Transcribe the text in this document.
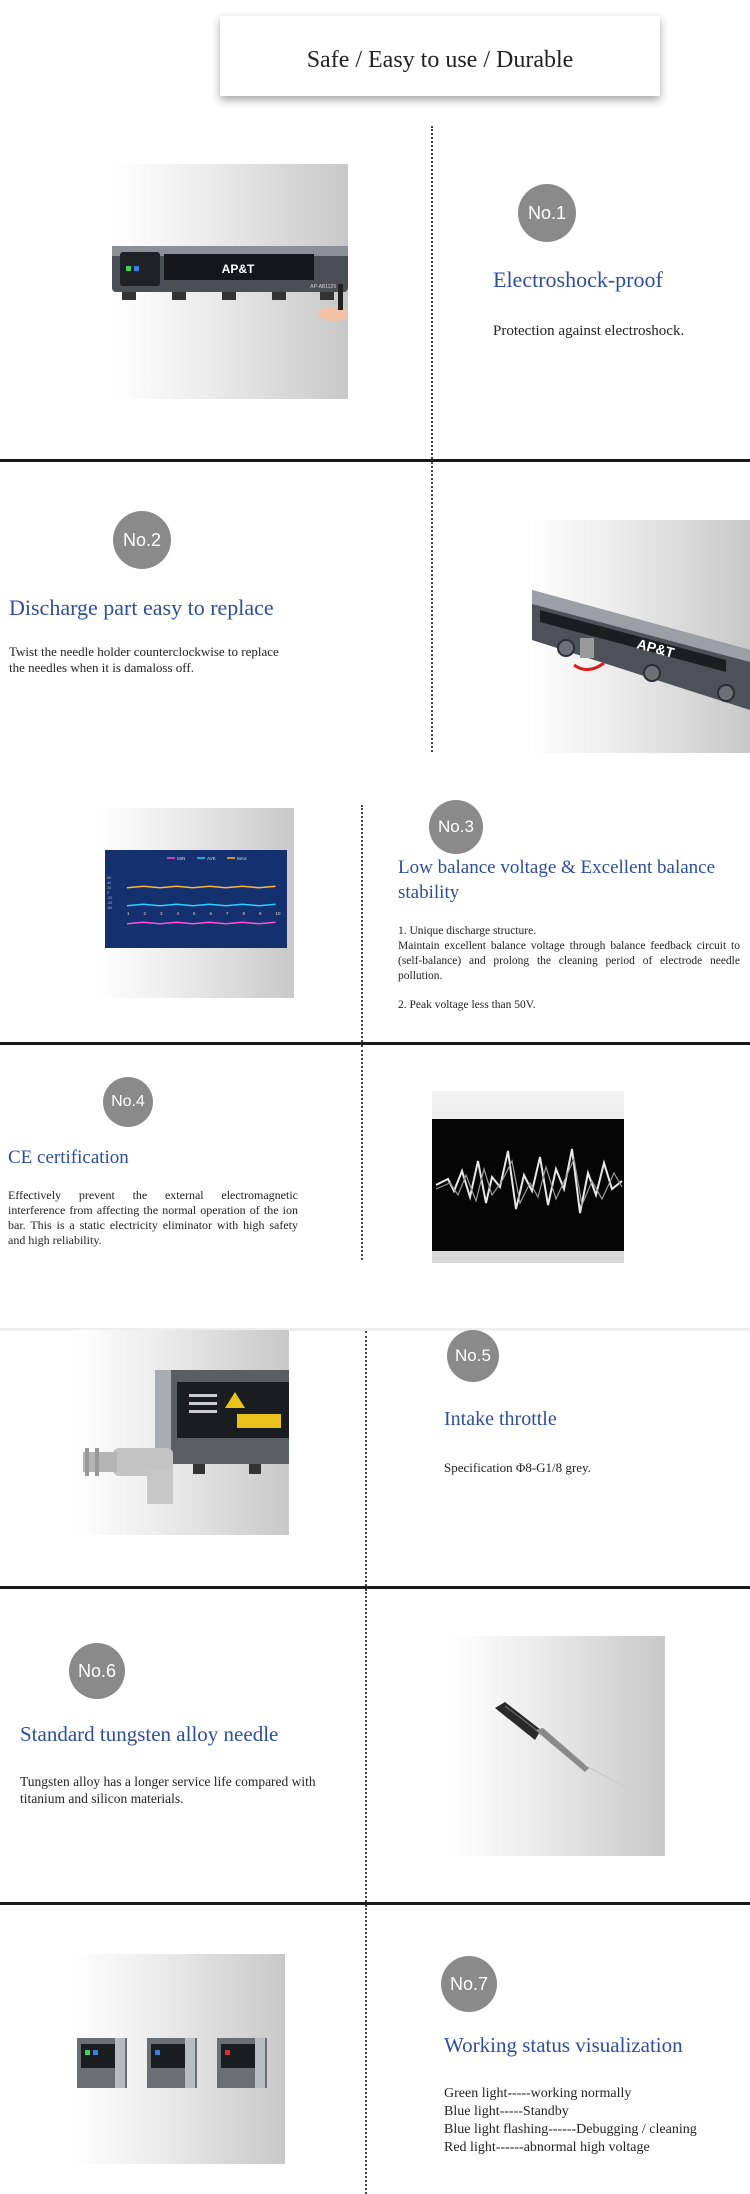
Safe / Easy to use / Durable
AP&T
AP-AB1129
No.1
Electroshock-proof
Protection against electroshock.
No.2
Discharge part easy to replace
Twist the needle holder counterclockwise to replace
the needles when it is damaloss off.
AP&T
MIN	AVE	MAX
60
40
20
0
-20
-40
-60
1	2	3	4	5	6	7	8	9	10
No.3
Low balance voltage & Excellent balance stability
1. Unique discharge structure.
Maintain excellent balance voltage through balance feedback circuit to (self-balance) and prolong the cleaning period of electrode needle pollution.
2. Peak voltage less than 50V.
No.4
CE certification
Effectively prevent the external electromagnetic interference from affecting the normal operation of the ion bar. This is a static electricity eliminator with high safety and high reliability.
No.5
Intake throttle
Specification Φ8-G1/8 grey.
No.6
Standard tungsten alloy needle
Tungsten alloy has a longer service life compared with titanium and silicon materials.
No.7
Working status visualization
Green light-----working normally
Blue light-----Standby
Blue light flashing------Debugging / cleaning
Red light------abnormal high voltage
